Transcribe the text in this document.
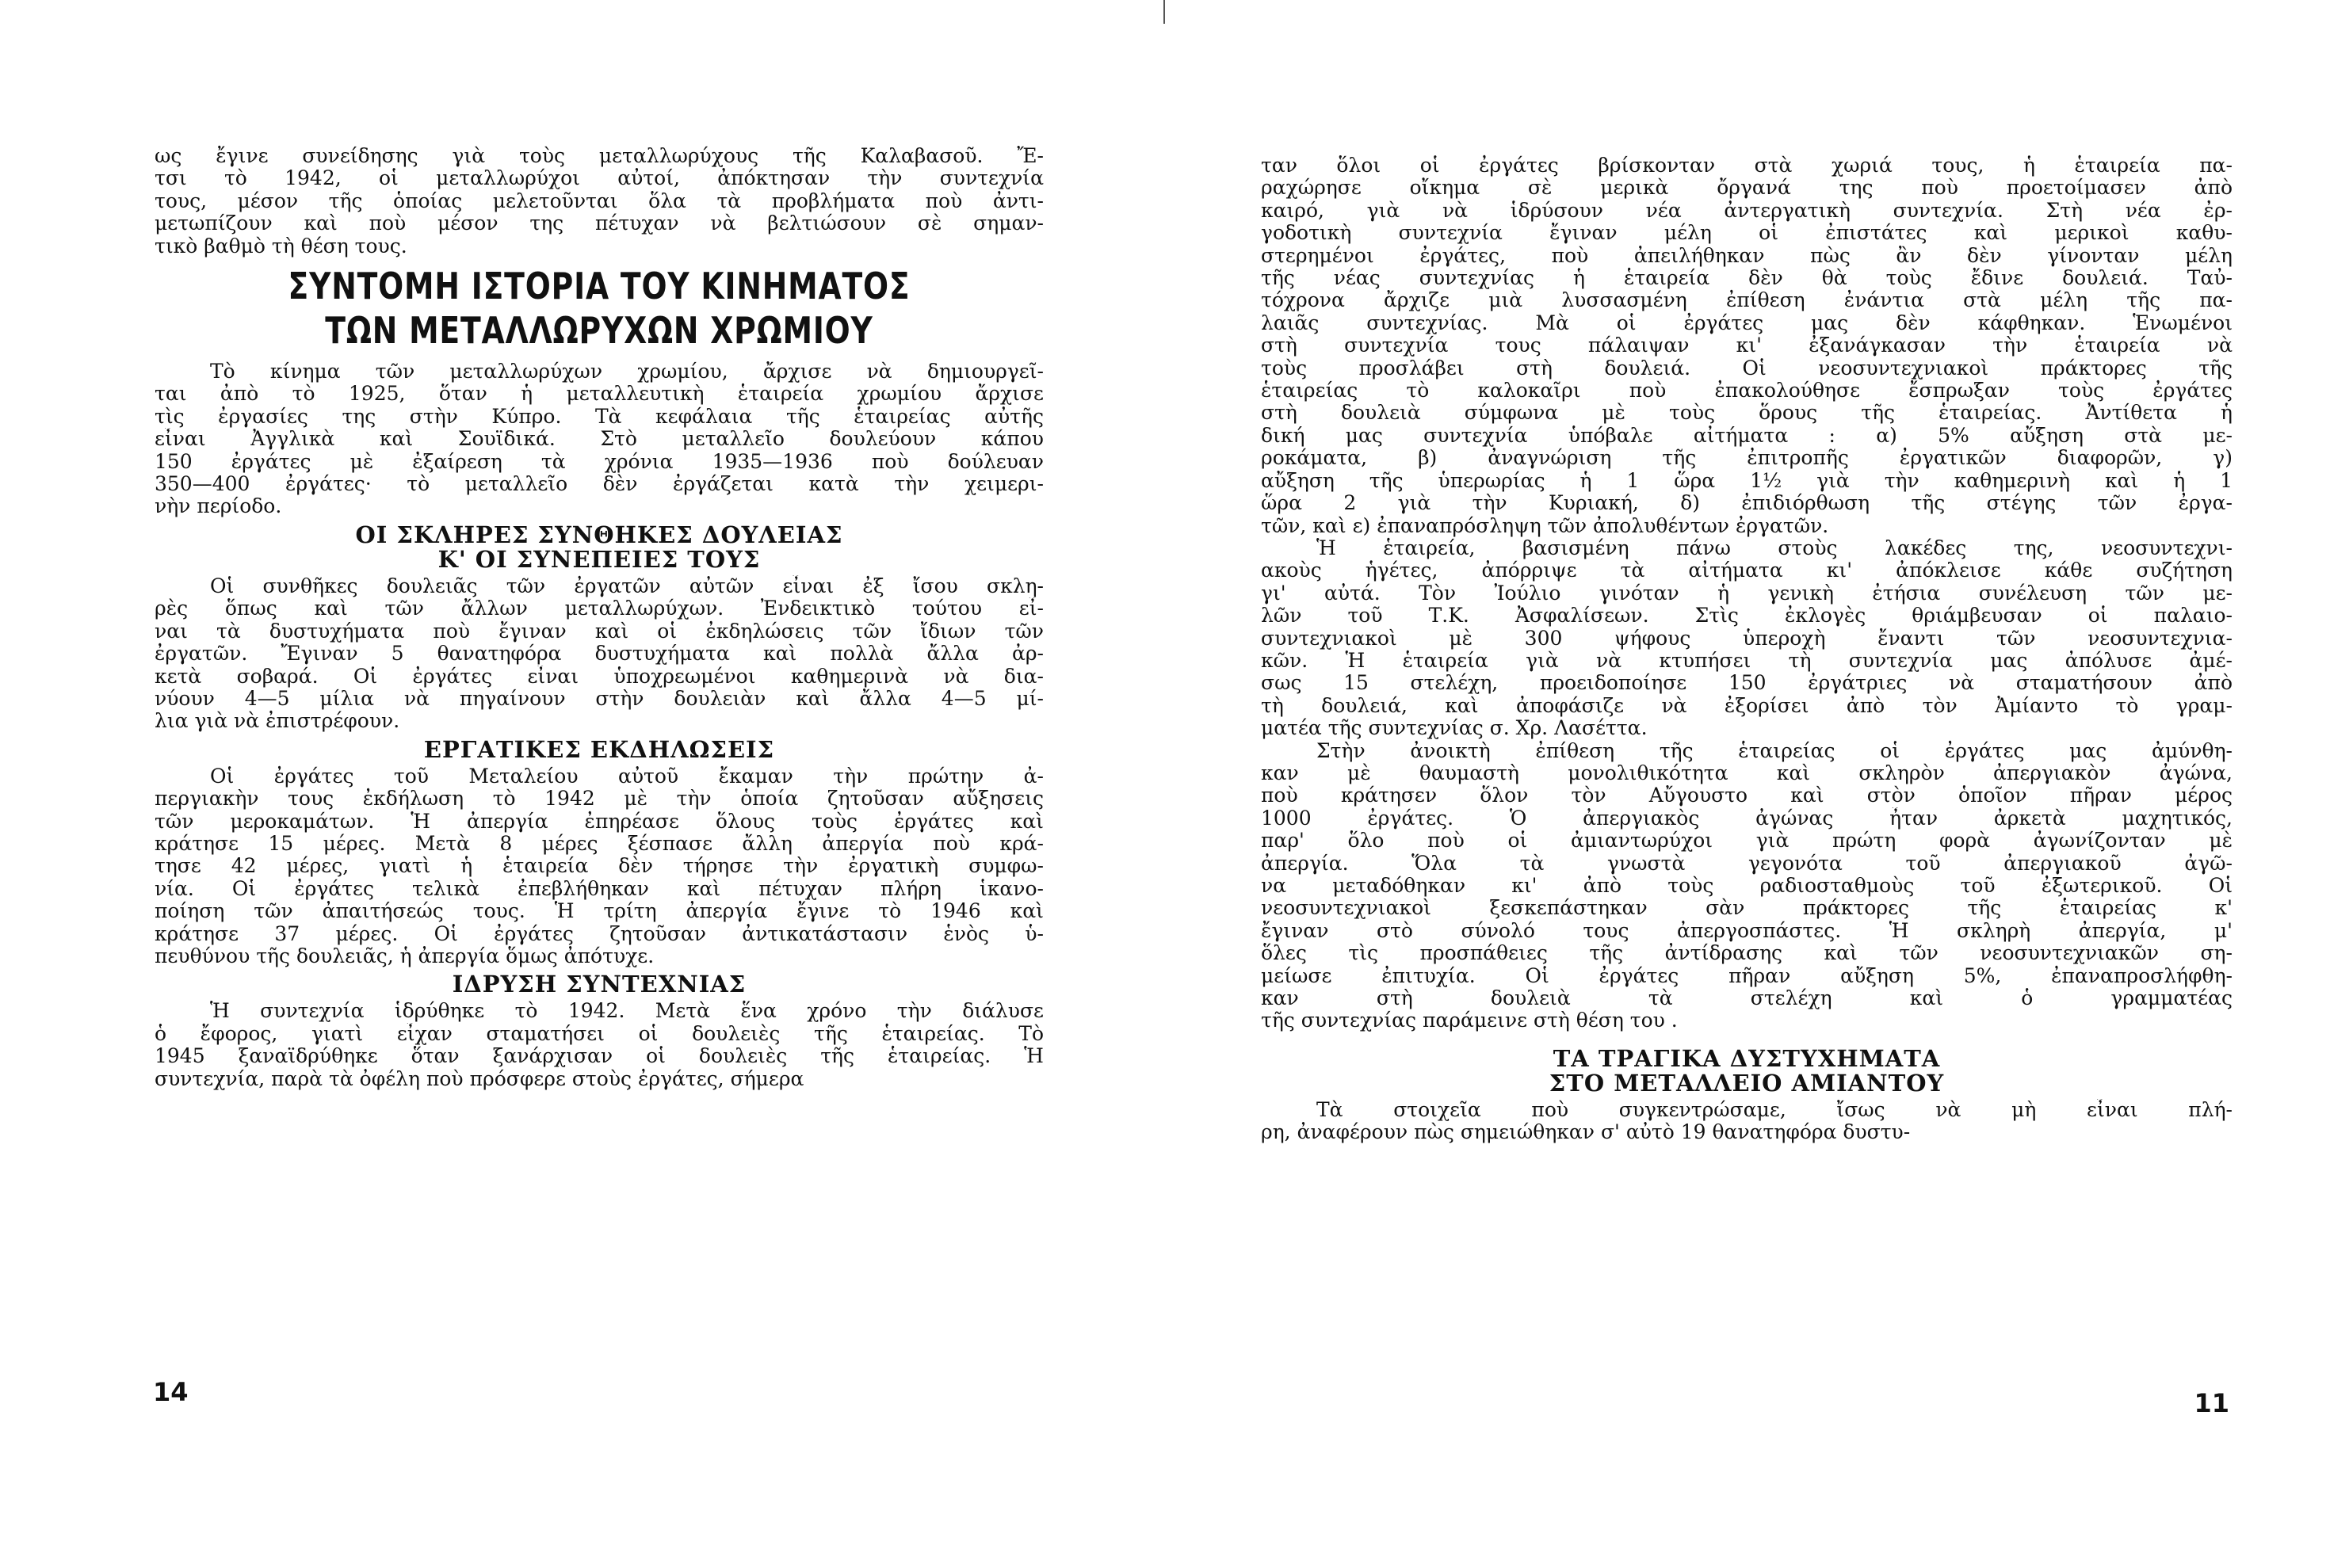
ως ἔγινε συνείδησης γιὰ τοὺς μεταλλωρύχους τῆς Καλαβασοῦ. Ἔ-
τσι τὸ 1942, οἱ μεταλλωρύχοι αὐτοί, ἀπόκτησαν τὴν συντεχνία
τους, μέσον τῆς ὁποίας μελετοῦνται ὅλα τὰ προβλήματα ποὺ ἀντι-
μετωπίζουν καὶ ποὺ μέσον της πέτυχαν νὰ βελτιώσουν σὲ σημαν-
τικὸ βαθμὸ τὴ θέση τους.
ΣΥΝΤΟΜΗ ΙΣΤΟΡΙΑ ΤΟΥ ΚΙΝΗΜΑΤΟΣ
ΤΩΝ ΜΕΤΑΛΛΩΡΥΧΩΝ ΧΡΩΜΙΟΥ
Τὸ κίνημα τῶν μεταλλωρύχων χρωμίου, ἄρχισε νὰ δημιουργεῖ-
ται ἀπὸ τὸ 1925, ὅταν ἡ μεταλλευτικὴ ἑταιρεία χρωμίου ἄρχισε
τὶς ἐργασίες της στὴν Κύπρο. Τὰ κεφάλαια τῆς ἑταιρείας αὐτῆς
εἶναι Ἀγγλικὰ καὶ Σουϊδικά. Στὸ μεταλλεῖο δουλεύουν κάπου
150 ἐργάτες μὲ ἐξαίρεση τὰ χρόνια 1935—1936 ποὺ δούλευαν
350—400 ἐργάτες· τὸ μεταλλεῖο δὲν ἐργάζεται κατὰ τὴν χειμερι-
νὴν περίοδο.
ΟΙ ΣΚΛΗΡΕΣ ΣΥΝΘΗΚΕΣ ΔΟΥΛΕΙΑΣ
Κ' ΟΙ ΣΥΝΕΠΕΙΕΣ ΤΟΥΣ
Οἱ συνθῆκες δουλειᾶς τῶν ἐργατῶν αὐτῶν εἶναι ἐξ ἴσου σκλη-
ρὲς ὅπως καὶ τῶν ἄλλων μεταλλωρύχων. Ἐνδεικτικὸ τούτου εἶ-
ναι τὰ δυστυχήματα ποὺ ἔγιναν καὶ οἱ ἐκδηλώσεις τῶν ἴδιων τῶν
ἐργατῶν. Ἔγιναν 5 θανατηφόρα δυστυχήματα καὶ πολλὰ ἄλλα ἀρ-
κετὰ σοβαρά. Οἱ ἐργάτες εἶναι ὑποχρεωμένοι καθημερινὰ νὰ δια-
νύουν 4—5 μίλια νὰ πηγαίνουν στὴν δουλειὰν καὶ ἄλλα 4—5 μί-
λια γιὰ νὰ ἐπιστρέφουν.
ΕΡΓΑΤΙΚΕΣ ΕΚΔΗΛΩΣΕΙΣ
Οἱ ἐργάτες τοῦ Μεταλείου αὐτοῦ ἔκαμαν τὴν πρώτην ἀ-
περγιακὴν τους ἐκδήλωση τὸ 1942 μὲ τὴν ὁποία ζητοῦσαν αὔξησεις
τῶν μεροκαμάτων. Ἡ ἀπεργία ἐπηρέασε ὅλους τοὺς ἐργάτες καὶ
κράτησε 15 μέρες. Μετὰ 8 μέρες ξέσπασε ἄλλη ἀπεργία ποὺ κρά-
τησε 42 μέρες, γιατὶ ἡ ἑταιρεία δὲν τήρησε τὴν ἐργατικὴ συμφω-
νία. Οἱ ἐργάτες τελικὰ ἐπεβλήθηκαν καὶ πέτυχαν πλήρη ἱκανο-
ποίηση τῶν ἀπαιτήσεώς τους. Ἡ τρίτη ἀπεργία ἔγινε τὸ 1946 καὶ
κράτησε 37 μέρες. Οἱ ἐργάτες ζητοῦσαν ἀντικατάστασιν ἑνὸς ὑ-
πευθύνου τῆς δουλειᾶς, ἡ ἀπεργία ὅμως ἀπότυχε.
ΙΔΡΥΣΗ ΣΥΝΤΕΧΝΙΑΣ
Ἡ συντεχνία ἱδρύθηκε τὸ 1942. Μετὰ ἕνα χρόνο τὴν διάλυσε
ὁ ἔφορος, γιατὶ εἶχαν σταματήσει οἱ δουλειὲς τῆς ἑταιρείας. Τὸ
1945 ξαναϊδρύθηκε ὅταν ξανάρχισαν οἱ δουλειὲς τῆς ἑταιρείας. Ἡ
συντεχνία, παρὰ τὰ ὀφέλη ποὺ πρόσφερε στοὺς ἐργάτες, σήμερα
14
ταν ὅλοι οἱ ἐργάτες βρίσκονταν στὰ χωριά τους, ἡ ἑταιρεία πα-
ραχώρησε οἴκημα σὲ μερικὰ ὄργανά της ποὺ προετοίμασεν ἀπὸ
καιρό, γιὰ νὰ ἱδρύσουν νέα ἀντεργατικὴ συντεχνία. Στὴ νέα ἐρ-
γοδοτικὴ συντεχνία ἔγιναν μέλη οἱ ἐπιστάτες καὶ μερικοὶ καθυ-
στερημένοι ἐργάτες, ποὺ ἀπειλήθηκαν πὼς ἂν δὲν γίνονταν μέλη
τῆς νέας συντεχνίας ἡ ἑταιρεία δὲν θὰ τοὺς ἔδινε δουλειά. Ταὐ-
τόχρονα ἄρχιζε μιὰ λυσσασμένη ἐπίθεση ἐνάντια στὰ μέλη τῆς πα-
λαιᾶς συντεχνίας. Μὰ οἱ ἐργάτες μας δὲν κάφθηκαν. Ἑνωμένοι
στὴ συντεχνία τους πάλαιψαν κι' ἐξανάγκασαν τὴν ἑταιρεία νὰ
τοὺς προσλάβει στὴ δουλειά. Οἱ νεοσυντεχνιακοὶ πράκτορες τῆς
ἑταιρείας τὸ καλοκαῖρι ποὺ ἐπακολούθησε ἔσπρωξαν τοὺς ἐργάτες
στὴ δουλειὰ σύμφωνα μὲ τοὺς ὅρους τῆς ἑταιρείας. Ἀντίθετα ἡ
δική μας συντεχνία ὑπόβαλε αἰτήματα : α) 5% αὔξηση στὰ με-
ροκάματα, β) ἀναγνώριση τῆς ἐπιτροπῆς ἐργατικῶν διαφορῶν, γ)
αὔξηση τῆς ὑπερωρίας ἡ 1 ὥρα 1½ γιὰ τὴν καθημερινὴ καὶ ἡ 1
ὥρα 2 γιὰ τὴν Κυριακή, δ) ἐπιδιόρθωση τῆς στέγης τῶν ἐργα-
τῶν, καὶ ε) ἐπαναπρόσληψη τῶν ἀπολυθέντων ἐργατῶν.
Ἡ ἑταιρεία, βασισμένη πάνω στοὺς λακέδες της, νεοσυντεχνι-
ακοὺς ἡγέτες, ἀπόρριψε τὰ αἰτήματα κι' ἀπόκλεισε κάθε συζήτηση
γι' αὐτά. Τὸν Ἰούλιο γινόταν ἡ γενικὴ ἐτήσια συνέλευση τῶν με-
λῶν τοῦ Τ.Κ. Ἀσφαλίσεων. Στὶς ἐκλογὲς θριάμβευσαν οἱ παλαιο-
συντεχνιακοὶ μὲ 300 ψήφους ὑπεροχὴ ἔναντι τῶν νεοσυντεχνια-
κῶν. Ἡ ἑταιρεία γιὰ νὰ κτυπήσει τὴ συντεχνία μας ἀπόλυσε ἀμέ-
σως 15 στελέχη, προειδοποίησε 150 ἐργάτριες νὰ σταματήσουν ἀπὸ
τὴ δουλειά, καὶ ἀποφάσιζε νὰ ἐξορίσει ἀπὸ τὸν Ἀμίαντο τὸ γραμ-
ματέα τῆς συντεχνίας σ. Χρ. Λασέττα.
Στὴν ἀνοικτὴ ἐπίθεση τῆς ἑταιρείας οἱ ἐργάτες μας ἀμύνθη-
καν μὲ θαυμαστὴ μονολιθικότητα καὶ σκληρὸν ἀπεργιακὸν ἀγώνα,
ποὺ κράτησεν ὅλον τὸν Αὔγουστο καὶ στὸν ὁποῖον πῆραν μέρος
1000 ἐργάτες. Ὁ ἀπεργιακὸς ἀγώνας ἦταν ἀρκετὰ μαχητικός,
παρ' ὅλο ποὺ οἱ ἀμιαντωρύχοι γιὰ πρώτη φορὰ ἀγωνίζονταν μὲ
ἀπεργία. Ὅλα τὰ γνωστὰ γεγονότα τοῦ ἀπεργιακοῦ ἀγῶ-
να μεταδόθηκαν κι' ἀπὸ τοὺς ραδιοσταθμοὺς τοῦ ἐξωτερικοῦ. Οἱ
νεοσυντεχνιακοὶ ξεσκεπάστηκαν σὰν πράκτορες τῆς ἑταιρείας κ'
ἔγιναν στὸ σύνολό τους ἀπεργοσπάστες. Ἡ σκληρὴ ἀπεργία, μ'
ὅλες τὶς προσπάθειες τῆς ἀντίδρασης καὶ τῶν νεοσυντεχνιακῶν ση-
μείωσε ἐπιτυχία. Οἱ ἐργάτες πῆραν αὔξηση 5%, ἐπαναπροσλήφθη-
καν στὴ δουλειὰ τὰ στελέχη καὶ ὁ γραμματέας
τῆς συντεχνίας παράμεινε στὴ θέση του .
ΤΑ ΤΡΑΓΙΚΑ ΔΥΣΤΥΧΗΜΑΤΑ
ΣΤΟ ΜΕΤΑΛΛΕΙΟ ΑΜΙΑΝΤΟΥ
Τὰ στοιχεῖα ποὺ συγκεντρώσαμε, ἴσως νὰ μὴ εἶναι πλή-
ρη, ἀναφέρουν πὼς σημειώθηκαν σ' αὐτὸ 19 θανατηφόρα δυστυ-
11
